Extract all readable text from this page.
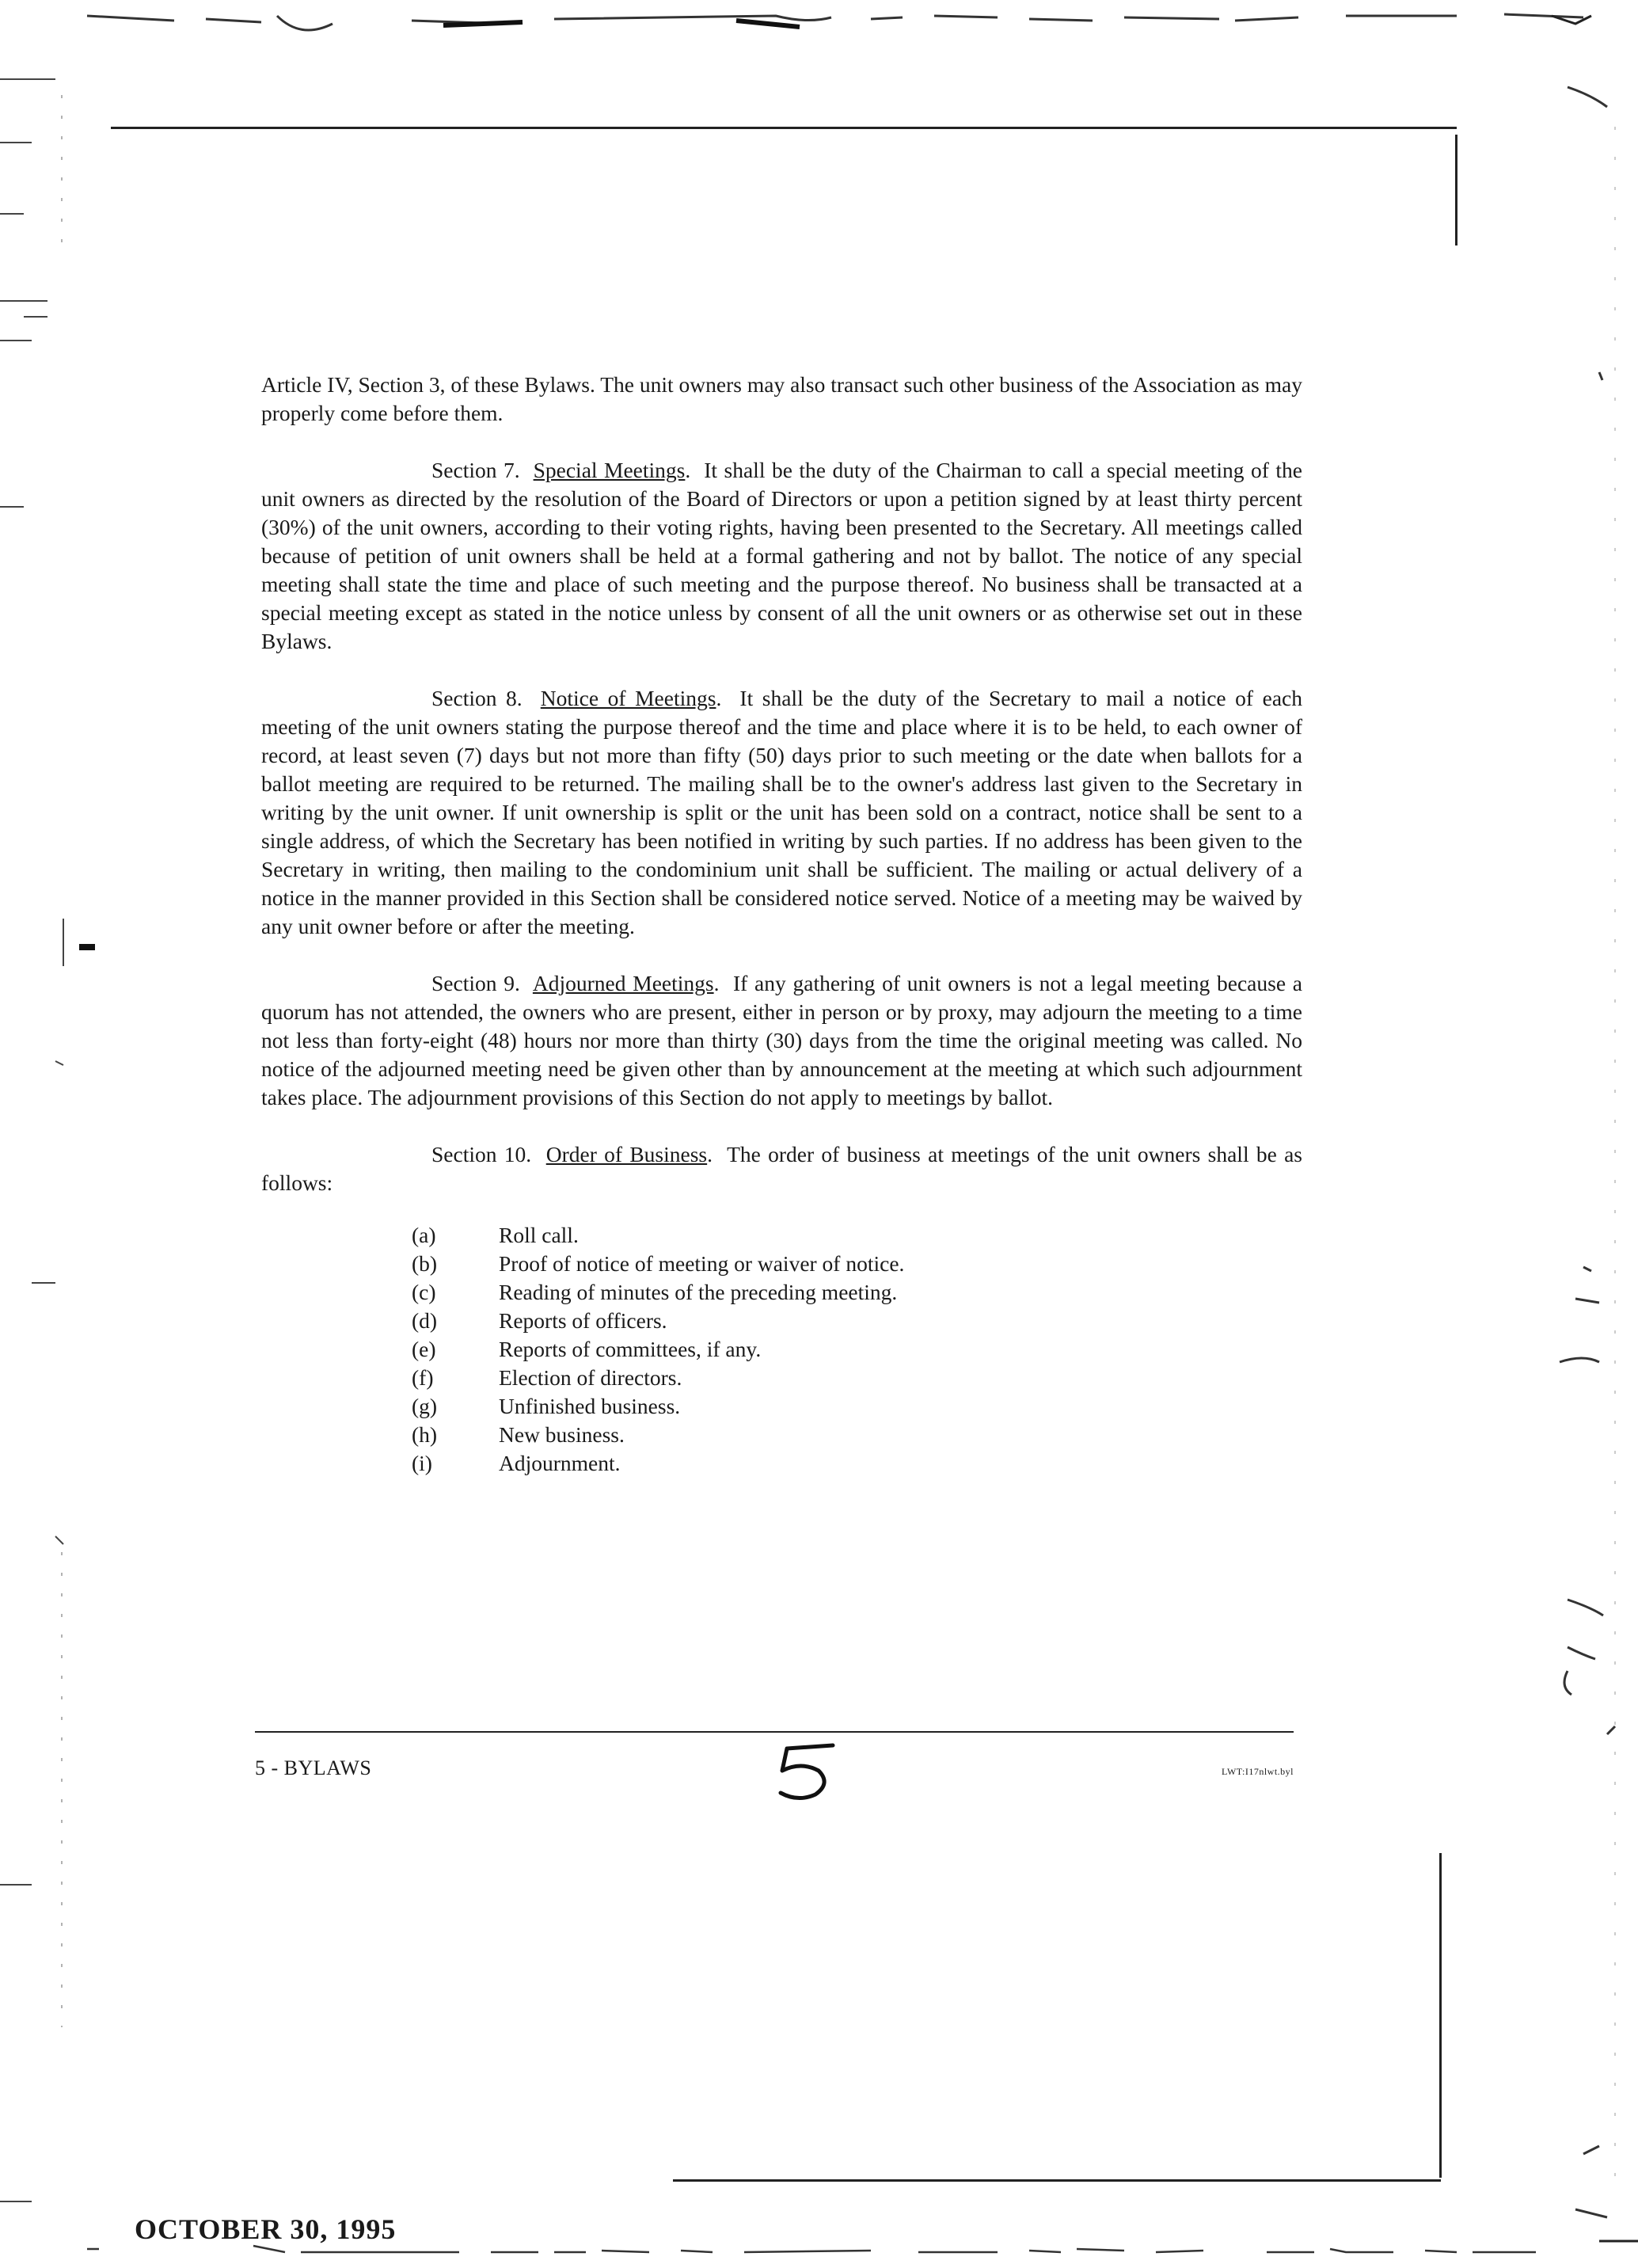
Article IV, Section 3, of these Bylaws. The unit owners may also transact such other business of the Association as may properly come before them.

Section 7. Special Meetings.  It shall be the duty of the Chairman to call a special meeting of the unit owners as directed by the resolution of the Board of Directors or upon a petition signed by at least thirty percent (30%) of the unit owners, according to their voting rights, having been presented to the Secretary. All meetings called because of petition of unit owners shall be held at a formal gathering and not by ballot. The notice of any special meeting shall state the time and place of such meeting and the purpose thereof. No business shall be transacted at a special meeting except as stated in the notice unless by consent of all the unit owners or as otherwise set out in these Bylaws.

Section 8. Notice of Meetings.  It shall be the duty of the Secretary to mail a notice of each meeting of the unit owners stating the purpose thereof and the time and place where it is to be held, to each owner of record, at least seven (7) days but not more than fifty (50) days prior to such meeting or the date when ballots for a ballot meeting are required to be returned. The mailing shall be to the owner's address last given to the Secretary in writing by the unit owner. If unit ownership is split or the unit has been sold on a contract, notice shall be sent to a single address, of which the Secretary has been notified in writing by such parties. If no address has been given to the Secretary in writing, then mailing to the condominium unit shall be sufficient. The mailing or actual delivery of a notice in the manner provided in this Section shall be considered notice served. Notice of a meeting may be waived by any unit owner before or after the meeting.

Section 9. Adjourned Meetings.  If any gathering of unit owners is not a legal meeting because a quorum has not attended, the owners who are present, either in person or by proxy, may adjourn the meeting to a time not less than forty-eight (48) hours nor more than thirty (30) days from the time the original meeting was called. No notice of the adjourned meeting need be given other than by announcement at the meeting at which such adjournment takes place. The adjournment provisions of this Section do not apply to meetings by ballot.

Section 10. Order of Business.  The order of business at meetings of the unit owners shall be as follows:

(a)	Roll call.
(b)	Proof of notice of meeting or waiver of notice.
(c)	Reading of minutes of the preceding meeting.
(d)	Reports of officers.
(e)	Reports of committees, if any.
(f)	Election of directors.
(g)	Unfinished business.
(h)	New business.
(i)	Adjournment.
5 - BYLAWS	LWT:I17nlwt.byl
OCTOBER 30, 1995
